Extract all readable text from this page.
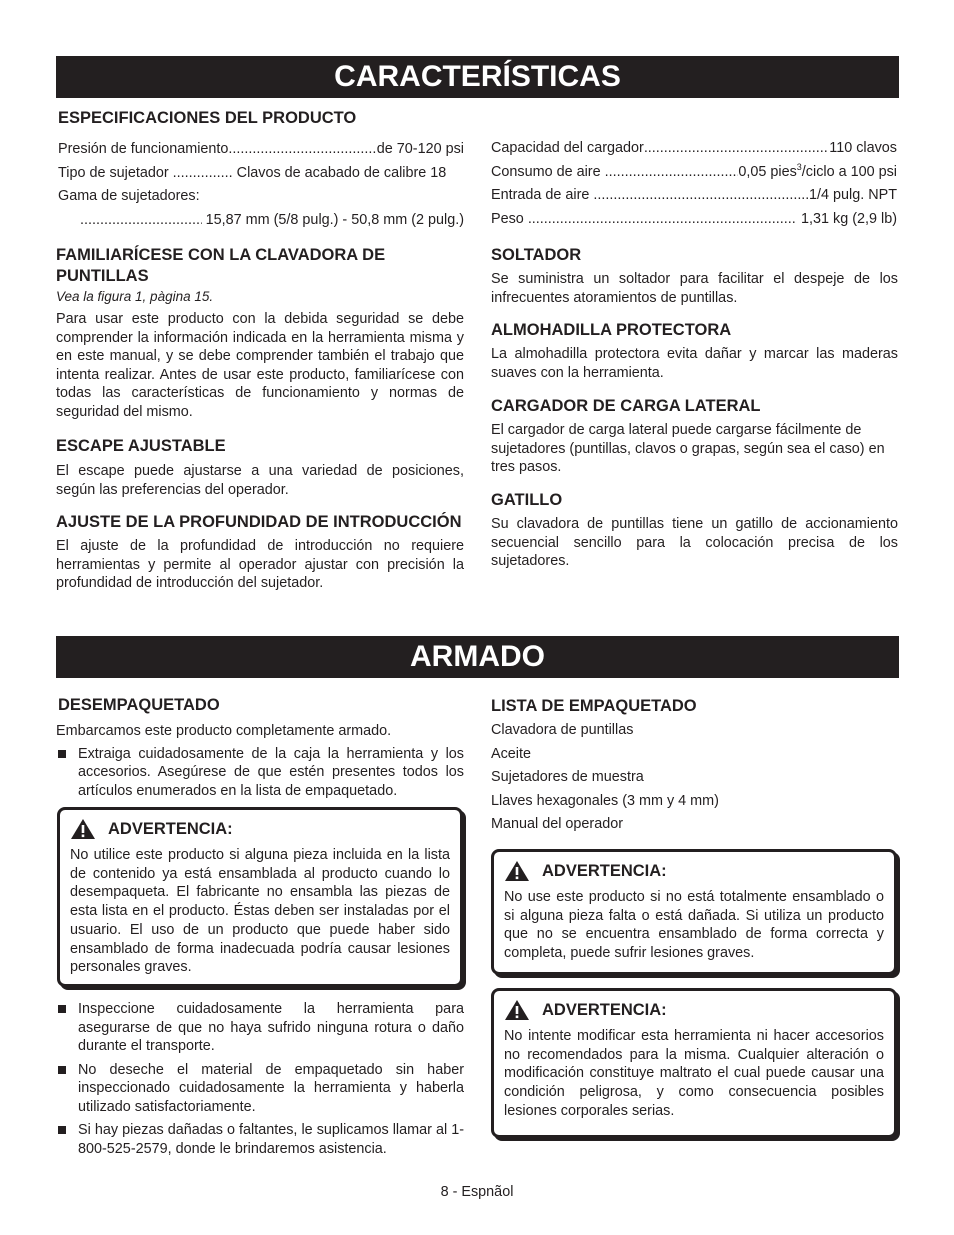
CARACTERÍSTICAS

ESPECIFICACIONES DEL PRODUCTO

Presión de funcionamiento .....	de 70-120 psi
Tipo de sujetador .....	Clavos de acabado de calibre 18
Gama de sujetadores:
.....
15,87 mm (5/8 pulg.) - 50,8 mm (2 pulg.)

FAMILIARÍCESE CON LA CLAVADORA DE PUNTILLAS

Vea la figura 1, pàgina 15.

Para usar este producto con la debida seguridad se debe comprender la información indicada en la herramienta misma y en este manual, y se debe comprender también el trabajo que intenta realizar. Antes de usar este producto, familiarícese con todas las características de funcionamiento y normas de seguridad del mismo.

ESCAPE AJUSTABLE

El escape puede ajustarse a una variedad de posiciones, según las preferencias del operador.

AJUSTE DE LA PROFUNDIDAD DE INTRODUCCIÓN

El ajuste de la profundidad de introducción no requiere herramientas y permite al operador ajustar con precisión la profundidad de introducción del sujetador.

Capacidad del cargador .....	110 clavos
Consumo de aire .....	0,05 pies$^3$/ciclo a 100 psi
Entrada de aire .....	1/4 pulg. NPT
Peso .....	1,31 kg (2,9 lb)

SOLTADOR

Se suministra un soltador para facilitar el despeje de los infrecuentes atoramientos de puntillas.

ALMOHADILLA PROTECTORA

La almohadilla protectora evita dañar y marcar las maderas suaves con la herramienta.

CARGADOR DE CARGA LATERAL

El cargador de carga lateral puede cargarse fácilmente de sujetadores (puntillas, clavos o grapas, según sea el caso) en tres pasos.

GATILLO

Su clavadora de puntillas tiene un gatillo de accionamiento secuencial sencillo para la colocación precisa de los sujetadores.

ARMADO

DESEMPAQUETADO

Embarcamos este producto completamente armado.

Extraiga cuidadosamente de la caja la herramienta y los accesorios. Asegúrese de que estén presentes todos los artículos enumerados en la lista de empaquetado.
ADVERTENCIA:

No utilice este producto si alguna pieza incluida en la lista de contenido ya está ensamblada al producto cuando lo desempaqueta. El fabricante no ensambla las piezas de esta lista en el producto. Éstas deben ser instaladas por el usuario. El uso de un producto que puede haber sido ensamblado de forma inadecuada podría causar lesiones personales graves.

Inspeccione cuidadosamente la herramienta para asegurarse de que no haya sufrido ninguna rotura o daño durante el transporte.
No deseche el material de empaquetado sin haber inspeccionado cuidadosamente la herramienta y haberla utilizado satisfactoriamente.
Si hay piezas dañadas o faltantes, le suplicamos llamar al 1-800-525-2579, donde le brindaremos asistencia.

LISTA DE EMPAQUETADO

Clavadora de puntillas
Aceite
Sujetadores de muestra
Llaves hexagonales (3 mm y 4 mm)
Manual del operador
ADVERTENCIA:

No use este producto si no está totalmente ensamblado o si alguna pieza falta o está dañada. Si utiliza un producto que no se encuentra ensamblado de forma correcta y completa, puede sufrir lesiones graves.

ADVERTENCIA:

No intente modificar esta herramienta ni hacer accesorios no recomendados para la misma. Cualquier alteración o modificación constituye maltrato el cual puede causar una condición peligrosa, y como consecuencia posibles lesiones corporales serias.

8 - Espnãol
